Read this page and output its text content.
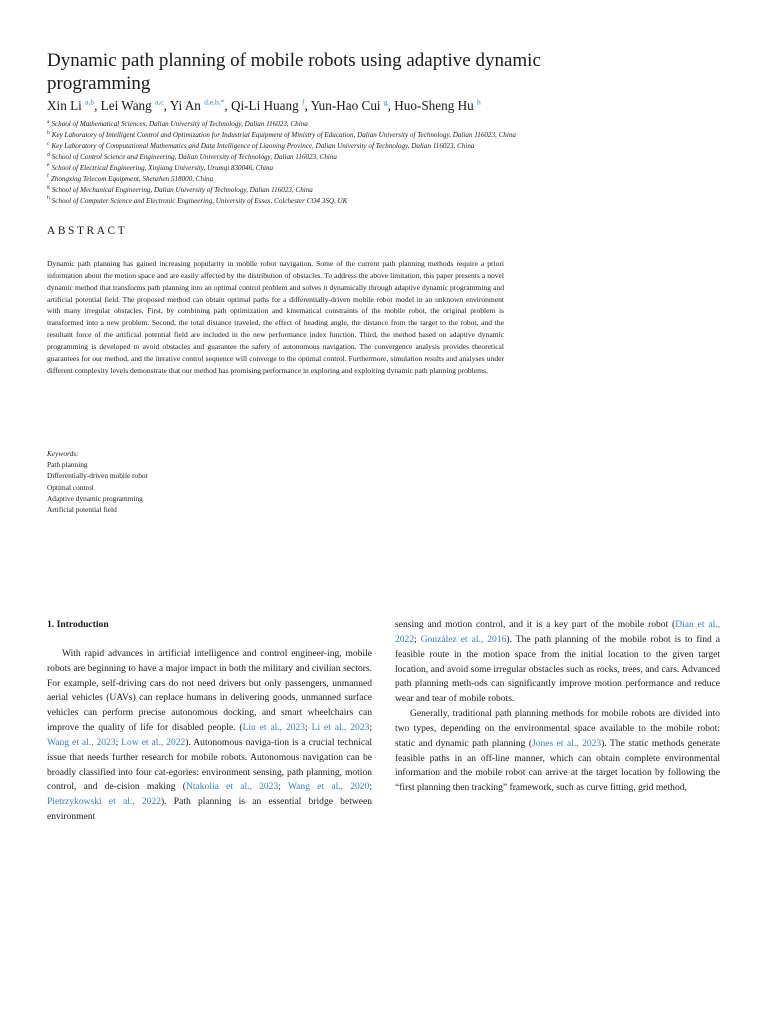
Dynamic path planning of mobile robots using adaptive dynamic programming
Xin Li $^{a,b}$, Lei Wang $^{a,c}$, Yi An $^{d,e,b,*}$, Qi-Li Huang $^f$, Yun-Hao Cui $^g$, Huo-Sheng Hu $^h$
$^a$ School of Mathematical Sciences, Dalian University of Technology, Dalian 116023, China
$^b$ Key Laboratory of Intelligent Control and Optimization for Industrial Equipment of Ministry of Education, Dalian University of Technology, Dalian 116023, China
$^c$ Key Laboratory of Computational Mathematics and Data Intelligence of Liaoning Province, Dalian University of Technology, Dalian 116023, China
$^d$ School of Control Science and Engineering, Dalian University of Technology, Dalian 116023, China
$^e$ School of Electrical Engineering, Xinjiang University, Urumqi 830046, China
$^f$ Zhongxing Telecom Equipment, Shenzhen 518000, China
$^g$ School of Mechanical Engineering, Dalian University of Technology, Dalian 116023, China
$^h$ School of Computer Science and Electronic Engineering, University of Essex, Colchester CO4 3SQ, UK
ABSTRACT

Dynamic path planning has gained increasing popularity in mobile robot navigation. Some of the current path planning methods require a priori information about the motion space and are easily affected by the distribution of obstacles. To address the above limitation, this paper presents a novel dynamic method that transforms path planning into an optimal control problem and solves it dynamically through adaptive dynamic programming and artificial potential field. The proposed method can obtain optimal paths for a differentially-driven mobile robot model in an unknown environment with many irregular obstacles. First, by combining path optimization and kinematical constraints of the mobile robot, the original problem is transformed into a new problem. Second, the total distance traveled, the effect of heading angle, the distance from the target to the robot, and the resultant force of the artificial potential field are included in the new performance index function. Third, the method based on adaptive dynamic programming is developed to avoid obstacles and guarantee the safety of autonomous navigation. The convergence analysis provides theoretical guarantees for our method, and the iterative control sequence will converge to the optimal control. Furthermore, simulation results and analyses under different complexity levels demonstrate that our method has promising performance in exploring and exploiting dynamic path planning problems.

Keywords:
Path planning
Differentially-driven mobile robot
Optimal control
Adaptive dynamic programming
Artificial potential field
1. Introduction

With rapid advances in artificial intelligence and control engineer-ing, mobile robots are beginning to have a major impact in both the military and civilian sectors. For example, self-driving cars do not need drivers but only passengers, unmanned aerial vehicles (UAVs) can replace humans in delivering goods, unmanned surface vehicles can perform precise autonomous docking, and smart wheelchairs can improve the quality of life for disabled people. (Liu et al., 2023; Li et al., 2023; Wang et al., 2023; Low et al., 2022). Autonomous naviga-tion is a crucial technical issue that needs further research for mobile robots. Autonomous navigation can be broadly classified into four cat-egories: environment sensing, path planning, motion control, and de-cision making (Ntakolia et al., 2023; Wang et al., 2020; Pietrzykowski et al., 2022). Path planning is an essential bridge between environment

sensing and motion control, and it is a key part of the mobile robot (Dian et al., 2022; González et al., 2016). The path planning of the mobile robot is to find a feasible route in the motion space from the initial location to the given target location, and avoid some irregular obstacles such as rocks, trees, and cars. Advanced path planning meth-ods can significantly improve motion performance and reduce wear and tear of mobile robots.

Generally, traditional path planning methods for mobile robots are divided into two types, depending on the environmental space available to the mobile robot: static and dynamic path planning (Jones et al., 2023). The static methods generate feasible paths in an off-line manner, which can obtain complete environmental information and the mobile robot can arrive at the target location by following the “first planning then tracking” framework, such as curve fitting, grid method,
